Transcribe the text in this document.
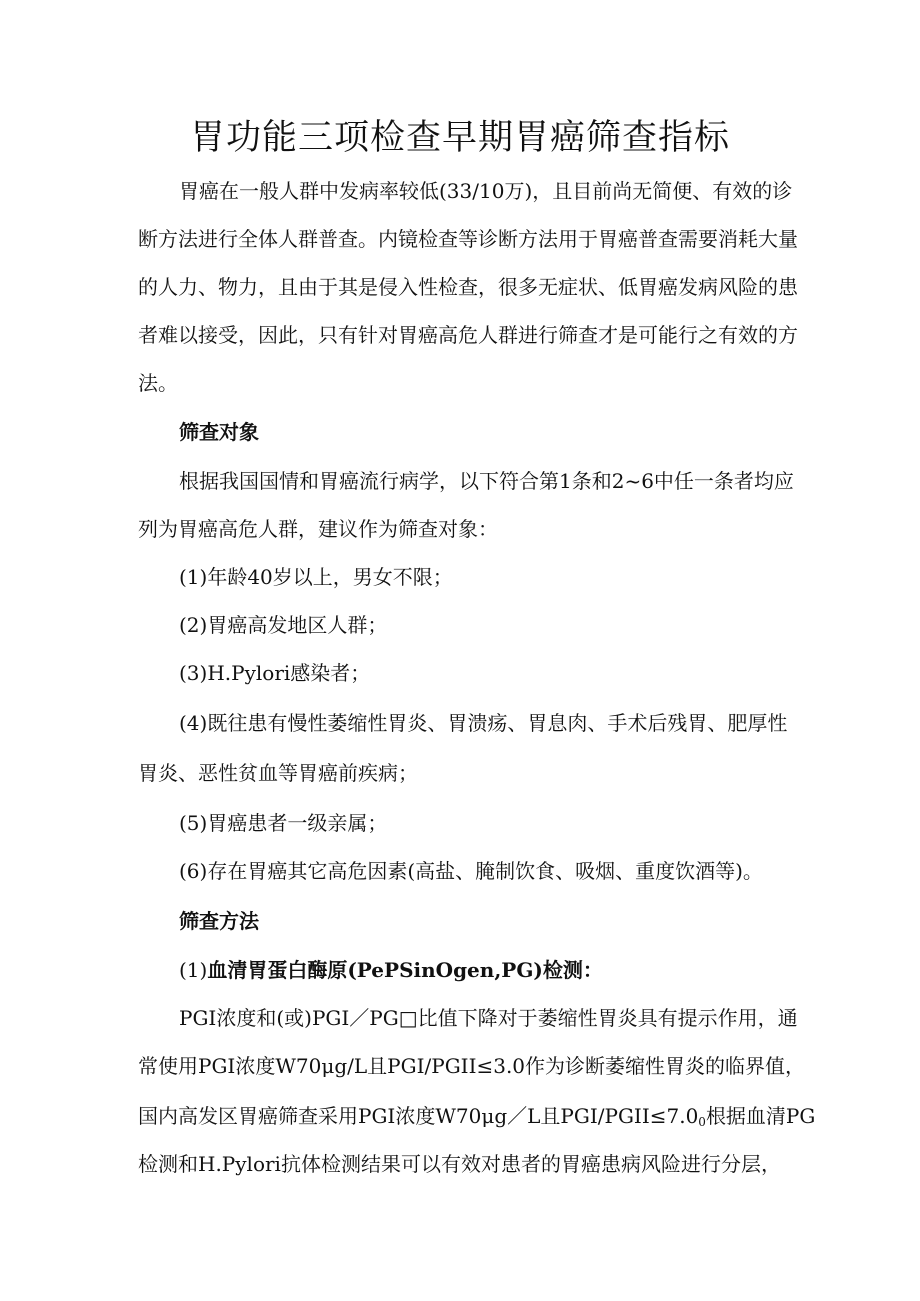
胃功能三项检查早期胃癌筛查指标

胃癌在一般人群中发病率较低(33/10万)，且目前尚无简便、有效的诊

断方法进行全体人群普查。内镜检查等诊断方法用于胃癌普查需要消耗大量

的人力、物力，且由于其是侵入性检查，很多无症状、低胃癌发病风险的患

者难以接受，因此，只有针对胃癌高危人群进行筛查才是可能行之有效的方

法。

筛查对象

根据我国国情和胃癌流行病学，以下符合第1条和2~6中任一条者均应

列为胃癌高危人群，建议作为筛查对象：

(1)年龄40岁以上，男女不限；

(2)胃癌高发地区人群；

(3)H.Pylori感染者；

(4)既往患有慢性萎缩性胃炎、胃溃疡、胃息肉、手术后残胃、肥厚性

胃炎、恶性贫血等胃癌前疾病；

(5)胃癌患者一级亲属；

(6)存在胃癌其它高危因素(高盐、腌制饮食、吸烟、重度饮酒等)。

筛查方法

(1)血清胃蛋白酶原(PePSinOgen,PG)检测：

PGI浓度和(或)PGI／PG□比值下降对于萎缩性胃炎具有提示作用，通

常使用PGI浓度W70μg/L且PGI/PGII≤3.0作为诊断萎缩性胃炎的临界值，

国内高发区胃癌筛查采用PGI浓度W70μg／L且PGI/$PGII\le 7.0_0$根据血清PG

检测和H.Pylori抗体检测结果可以有效对患者的胃癌患病风险进行分层，
